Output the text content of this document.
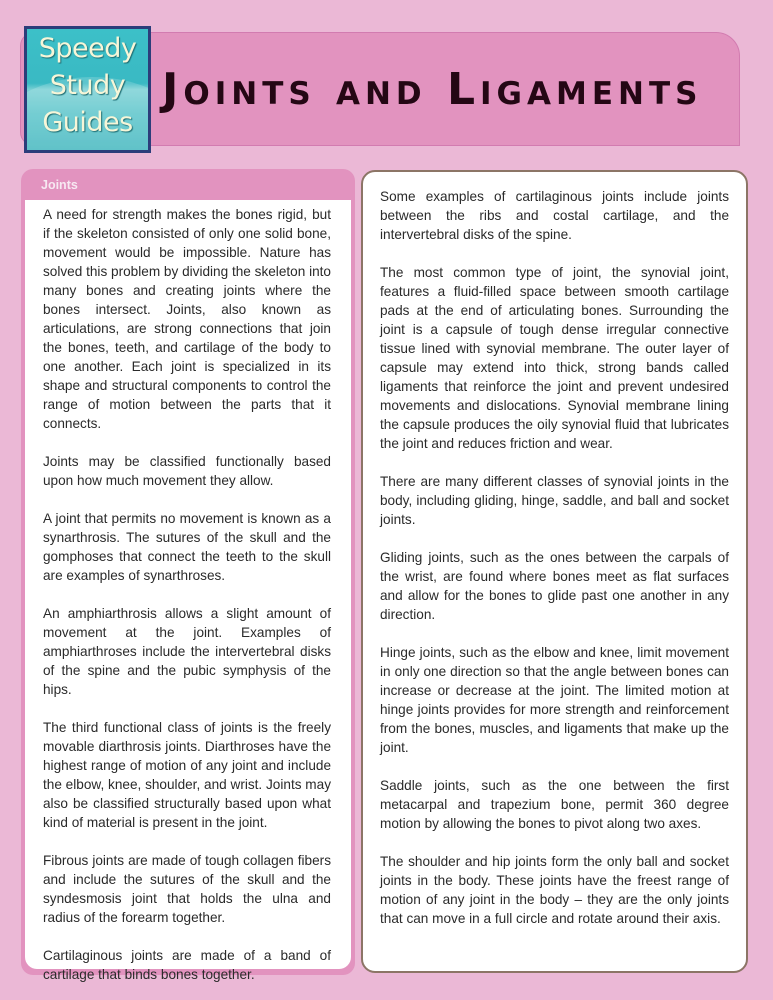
Speedy
Study
Guides
Joints and Ligaments
Joints

A need for strength makes the bones rigid, but if the skeleton consisted of only one solid bone, movement would be impossible. Nature has solved this problem by dividing the skeleton into many bones and creating joints where the bones intersect. Joints, also known as articulations, are strong connections that join the bones, teeth, and cartilage of the body to one another. Each joint is specialized in its shape and structural components to control the range of motion between the parts that it connects.

Joints may be classified functionally based upon how much movement they allow.

A joint that permits no movement is known as a synarthrosis. The sutures of the skull and the gomphoses that connect the teeth to the skull are examples of synarthroses.

An amphiarthrosis allows a slight amount of movement at the joint. Examples of amphiarthroses include the intervertebral disks of the spine and the pubic symphysis of the hips.

The third functional class of joints is the freely movable diarthrosis joints. Diarthroses have the highest range of motion of any joint and include the elbow, knee, shoulder, and wrist. Joints may also be classified structurally based upon what kind of material is present in the joint.

Fibrous joints are made of tough collagen fibers and include the sutures of the skull and the syndesmosis joint that holds the ulna and radius of the forearm together.

Cartilaginous joints are made of a band of cartilage that binds bones together.

Some examples of cartilaginous joints include joints between the ribs and costal cartilage, and the intervertebral disks of the spine.

The most common type of joint, the synovial joint, features a fluid-filled space between smooth cartilage pads at the end of articulating bones. Surrounding the joint is a capsule of tough dense irregular connective tissue lined with synovial membrane. The outer layer of capsule may extend into thick, strong bands called ligaments that reinforce the joint and prevent undesired movements and dislocations. Synovial membrane lining the capsule produces the oily synovial fluid that lubricates the joint and reduces friction and wear.

There are many different classes of synovial joints in the body, including gliding, hinge, saddle, and ball and socket joints.

Gliding joints, such as the ones between the carpals of the wrist, are found where bones meet as flat surfaces and allow for the bones to glide past one another in any direction.

Hinge joints, such as the elbow and knee, limit movement in only one direction so that the angle between bones can increase or decrease at the joint. The limited motion at hinge joints provides for more strength and reinforcement from the bones, muscles, and ligaments that make up the joint.

Saddle joints, such as the one between the first metacarpal and trapezium bone, permit 360 degree motion by allowing the bones to pivot along two axes.

The shoulder and hip joints form the only ball and socket joints in the body. These joints have the freest range of motion of any joint in the body – they are the only joints that can move in a full circle and rotate around their axis.
